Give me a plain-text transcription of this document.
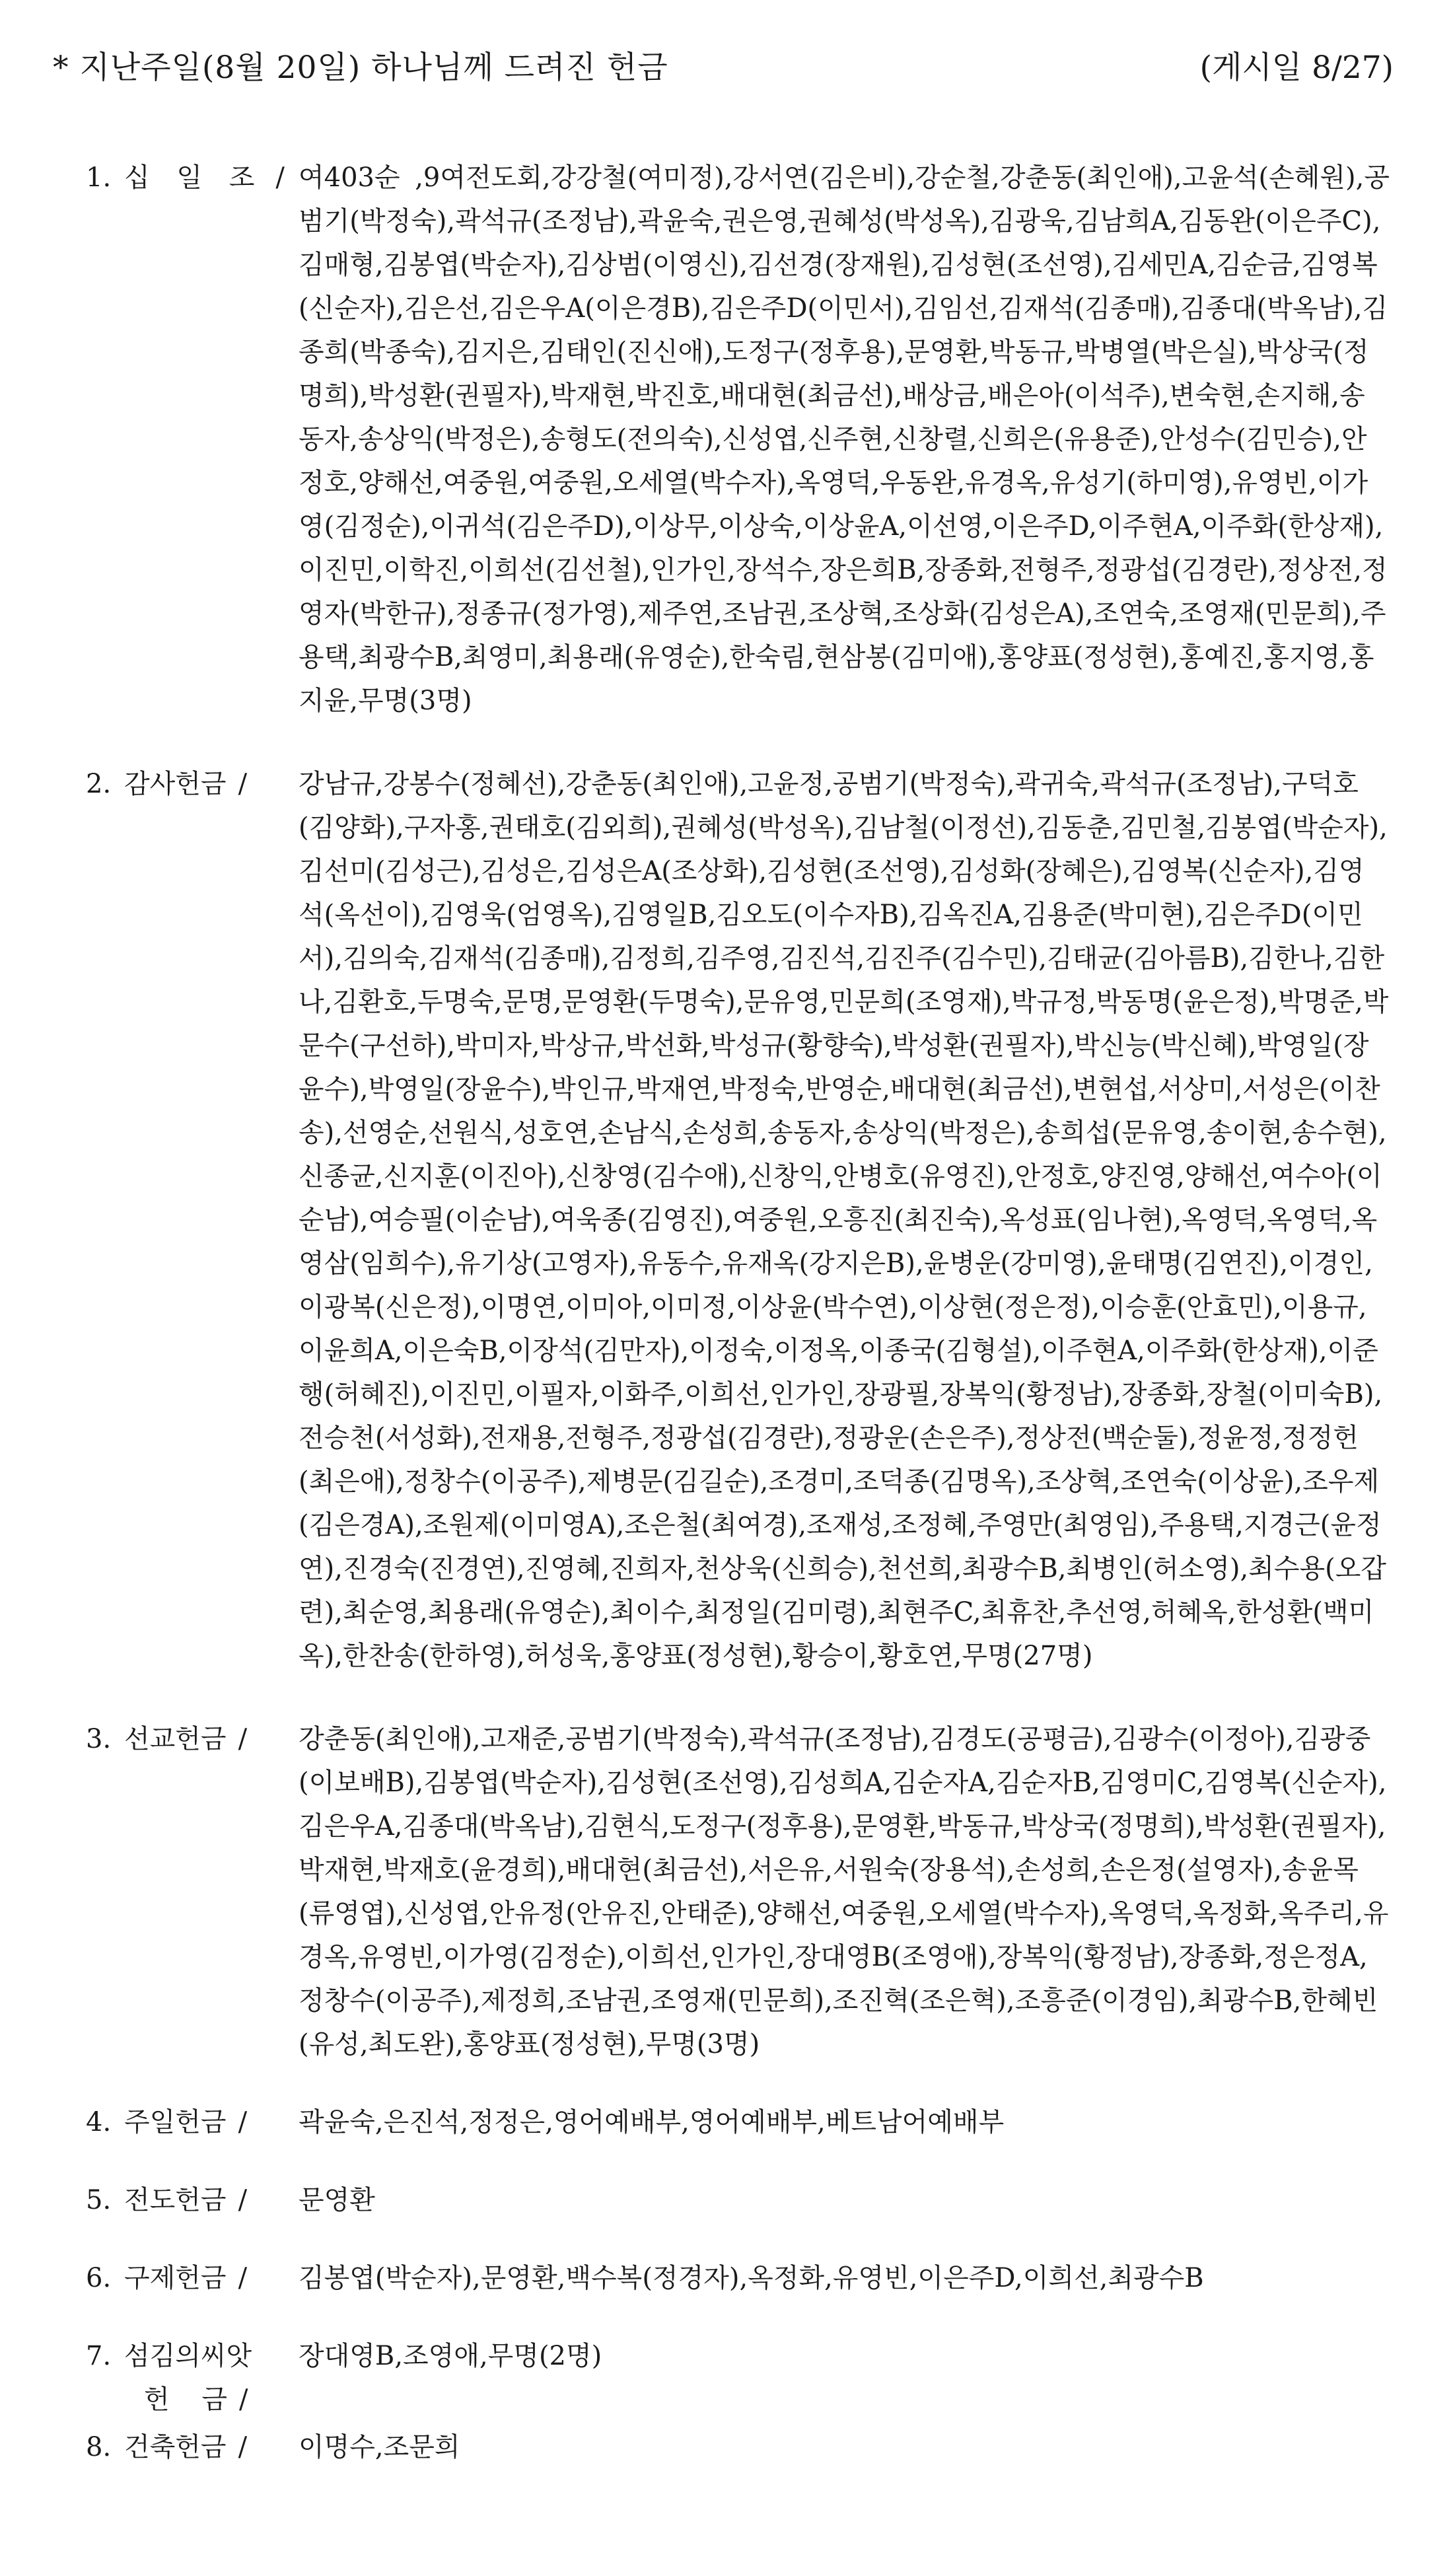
* 지난주일(8월 20일) 하나님께 드려진 헌금	(게시일 8/27)
1. 십 일 조 / 여403순 ,9여전도회,강강철(여미정),강서연(김은비),강순철,강춘동(최인애),고윤석(손혜원),공범기(박정숙),곽석규(조정남),곽윤숙,권은영,권혜성(박성옥),김광욱,김남희A,김동완(이은주C),김매형,김봉엽(박순자),김상범(이영신),김선경(장재원),김성현(조선영),김세민A,김순금,김영복(신순자),김은선,김은우A(이은경B),김은주D(이민서),김임선,김재석(김종매),김종대(박옥남),김종희(박종숙),김지은,김태인(진신애),도정구(정후용),문영환,박동규,박병열(박은실),박상국(정명희),박성환(권필자),박재현,박진호,배대현(최금선),배상금,배은아(이석주),변숙현,손지해,송동자,송상익(박정은),송형도(전의숙),신성엽,신주현,신창렬,신희은(유용준),안성수(김민승),안정호,양해선,여중원,여중원,오세열(박수자),옥영덕,우동완,유경옥,유성기(하미영),유영빈,이가영(김정순),이귀석(김은주D),이상무,이상숙,이상윤A,이선영,이은주D,이주현A,이주화(한상재),이진민,이학진,이희선(김선철),인가인,장석수,장은희B,장종화,전형주,정광섭(김경란),정상전,정영자(박한규),정종규(정가영),제주연,조남권,조상혁,조상화(김성은A),조연숙,조영재(민문희),주용택,최광수B,최영미,최용래(유영순),한숙림,현삼봉(김미애),홍양표(정성현),홍예진,홍지영,홍지윤,무명(3명)
2. 감사헌금 / 강남규,강봉수(정혜선),강춘동(최인애),고윤정,공범기(박정숙),곽귀숙,곽석규(조정남),구덕호(김양화),구자홍,권태호(김외희),권혜성(박성옥),김남철(이정선),김동춘,김민철,김봉엽(박순자),김선미(김성근),김성은,김성은A(조상화),김성현(조선영),김성화(장혜은),김영복(신순자),김영석(옥선이),김영욱(엄영옥),김영일B,김오도(이수자B),김옥진A,김용준(박미현),김은주D(이민서),김의숙,김재석(김종매),김정희,김주영,김진석,김진주(김수민),김태균(김아름B),김한나,김한나,김환호,두명숙,문명,문영환(두명숙),문유영,민문희(조영재),박규정,박동명(윤은정),박명준,박문수(구선하),박미자,박상규,박선화,박성규(황향숙),박성환(권필자),박신능(박신혜),박영일(장윤수),박영일(장윤수),박인규,박재연,박정숙,반영순,배대현(최금선),변현섭,서상미,서성은(이찬송),선영순,선원식,성호연,손남식,손성희,송동자,송상익(박정은),송희섭(문유영,송이현,송수현),신종균,신지훈(이진아),신창영(김수애),신창익,안병호(유영진),안정호,양진영,양해선,여수아(이순남),여승필(이순남),여욱종(김영진),여중원,오흥진(최진숙),옥성표(임나현),옥영덕,옥영덕,옥영삼(임희수),유기상(고영자),유동수,유재옥(강지은B),윤병운(강미영),윤태명(김연진),이경인,이광복(신은정),이명연,이미아,이미정,이상윤(박수연),이상현(정은정),이승훈(안효민),이용규,이윤희A,이은숙B,이장석(김만자),이정숙,이정옥,이종국(김형설),이주현A,이주화(한상재),이준행(허혜진),이진민,이필자,이화주,이희선,인가인,장광필,장복익(황정남),장종화,장철(이미숙B),전승천(서성화),전재용,전형주,정광섭(김경란),정광운(손은주),정상전(백순둘),정윤정,정정헌(최은애),정창수(이공주),제병문(김길순),조경미,조덕종(김명옥),조상혁,조연숙(이상윤),조우제(김은경A),조원제(이미영A),조은철(최여경),조재성,조정혜,주영만(최영임),주용택,지경근(윤정연),진경숙(진경연),진영혜,진희자,천상욱(신희승),천선희,최광수B,최병인(허소영),최수용(오갑련),최순영,최용래(유영순),최이수,최정일(김미령),최현주C,최휴찬,추선영,허혜옥,한성환(백미옥),한찬송(한하영),허성욱,홍양표(정성현),황승이,황호연,무명(27명)
3. 선교헌금 / 강춘동(최인애),고재준,공범기(박정숙),곽석규(조정남),김경도(공평금),김광수(이정아),김광중(이보배B),김봉엽(박순자),김성현(조선영),김성희A,김순자A,김순자B,김영미C,김영복(신순자),김은우A,김종대(박옥남),김현식,도정구(정후용),문영환,박동규,박상국(정명희),박성환(권필자),박재현,박재호(윤경희),배대현(최금선),서은유,서원숙(장용석),손성희,손은정(설영자),송윤목(류영엽),신성엽,안유정(안유진,안태준),양해선,여중원,오세열(박수자),옥영덕,옥정화,옥주리,유경옥,유영빈,이가영(김정순),이희선,인가인,장대영B(조영애),장복익(황정남),장종화,정은정A,정창수(이공주),제정희,조남권,조영재(민문희),조진혁(조은혁),조흥준(이경임),최광수B,한혜빈(유성,최도완),홍양표(정성현),무명(3명)
4. 주일헌금 / 곽윤숙,은진석,정정은,영어예배부,영어예배부,베트남어예배부
5. 전도헌금 / 문영환
6. 구제헌금 / 김봉엽(박순자),문영환,백수복(정경자),옥정화,유영빈,이은주D,이희선,최광수B
7. 섬김의씨앗
헌 금/
장대영B,조영애,무명(2명)
8. 건축헌금 / 이명수,조문희
